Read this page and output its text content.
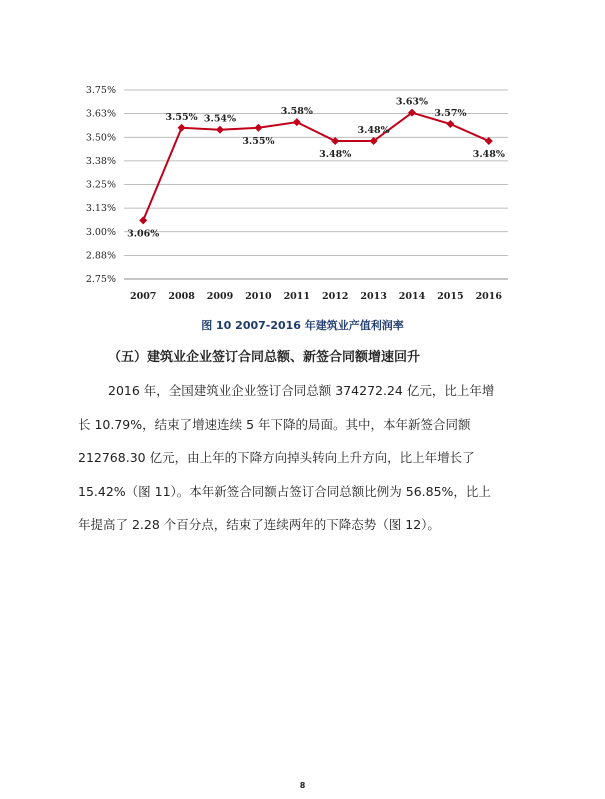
2.75%
2.88%
3.00%
3.13%
3.25%
3.38%
3.50%
3.63%
3.75%
2007 2008 2009 2010 2011 2012 2013 2014 2015 2016
3.06%
3.55% 3.54%
3.55%
3.58%
3.48%
3.48%
3.63%
3.57%
3.48%
图 10 2007-2016 年建筑业产值利润率
（五）建筑业企业签订合同总额、新签合同额增速回升
2016 年，全国建筑业企业签订合同总额 374272.24 亿元，比上年增
长 10.79%，结束了增速连续 5 年下降的局面。其中，本年新签合同额
212768.30 亿元，由上年的下降方向掉头转向上升方向，比上年增长了
15.42%（图 11）。本年新签合同额占签订合同总额比例为 56.85%，比上
年提高了 2.28 个百分点，结束了连续两年的下降态势（图 12）。
8
